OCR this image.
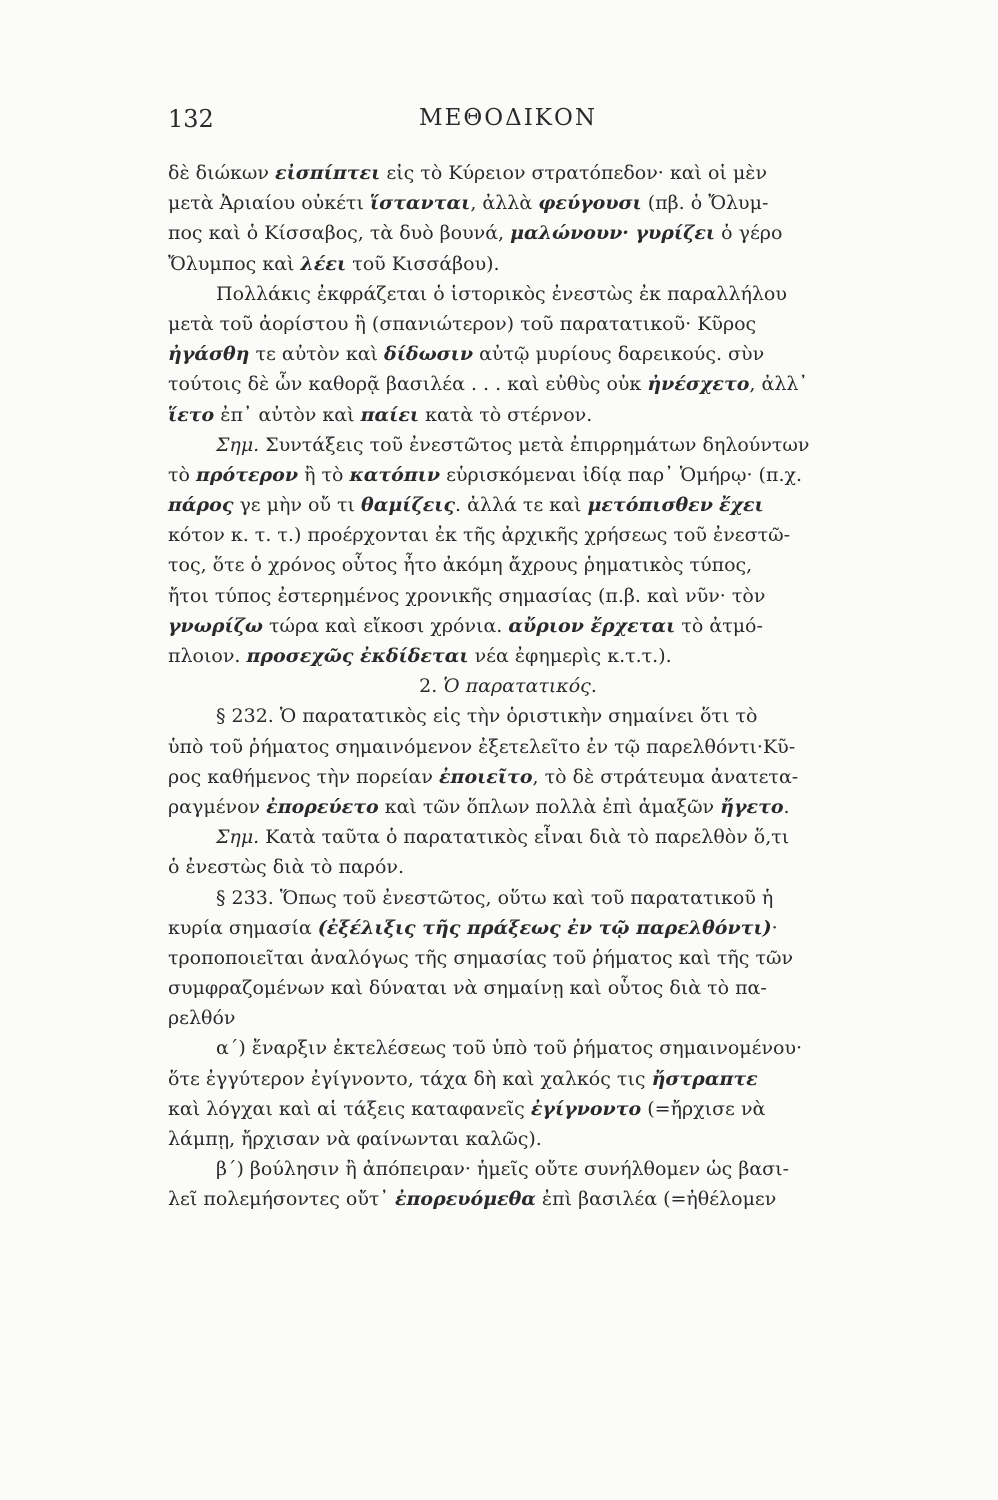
132	ΜΕΘΟΔΙΚΟΝ
δὲ διώκων εἰσπίπτει εἰς τὸ Κύρειον στρατόπεδον· καὶ οἱ μὲν
μετὰ Ἀριαίου οὐκέτι ἵστανται, ἀλλὰ φεύγουσι (πβ. ὁ Ὄλυμ-
πος καὶ ὁ Κίσσαβος, τὰ δυὸ βουνά, μαλώνουν· γυρίζει ὁ γέρο
Ὄλυμπος καὶ λέει τοῦ Κισσάβου).
Πολλάκις ἐκφράζεται ὁ ἱστορικὸς ἐνεστὼς ἐκ παραλλήλου
μετὰ τοῦ ἀορίστου ἢ (σπανιώτερον) τοῦ παρατατικοῦ· Κῦρος
ἠγάσθη τε αὐτὸν καὶ δίδωσιν αὐτῷ μυρίους δαρεικούς. σὺν
τούτοις δὲ ὧν καθορᾷ βασιλέα . . . καὶ εὐθὺς οὐκ ἠνέσχετο, ἀλλ᾽
ἵετο ἐπ᾽ αὐτὸν καὶ παίει κατὰ τὸ στέρνον.
Σημ. Συντάξεις τοῦ ἐνεστῶτος μετὰ ἐπιρρημάτων δηλούντων
τὸ πρότερον ἢ τὸ κατόπιν εὑρισκόμεναι ἰδίᾳ παρ᾽ Ὁμήρῳ· (π.χ.
πάρος γε μὴν οὔ τι θαμίζεις. ἀλλά τε καὶ μετόπισθεν ἔχει
κότον κ. τ. τ.) προέρχονται ἐκ τῆς ἀρχικῆς χρήσεως τοῦ ἐνεστῶ-
τος, ὅτε ὁ χρόνος οὗτος ἦτο ἀκόμη ἄχρους ῥηματικὸς τύπος,
ἤτοι τύπος ἐστερημένος χρονικῆς σημασίας (π.β. καὶ νῦν· τὸν
γνωρίζω τώρα καὶ εἴκοσι χρόνια. αὔριον ἔρχεται τὸ ἀτμό-
πλοιον. προσεχῶς ἐκδίδεται νέα ἐφημερὶς κ.τ.τ.).
2. Ὁ παρατατικός.
§ 232. Ὁ παρατατικὸς εἰς τὴν ὁριστικὴν σημαίνει ὅτι τὸ
ὑπὸ τοῦ ῥήματος σημαινόμενον ἐξετελεῖτο ἐν τῷ παρελθόντι·Κῦ-
ρος καθήμενος τὴν πορείαν ἐποιεῖτο, τὸ δὲ στράτευμα ἀνατετα-
ραγμένον ἐπορεύετο καὶ τῶν ὅπλων πολλὰ ἐπὶ ἁμαξῶν ἤγετο.
Σημ. Κατὰ ταῦτα ὁ παρατατικὸς εἶναι διὰ τὸ παρελθὸν ὅ,τι
ὁ ἐνεστὼς διὰ τὸ παρόν.
§ 233. Ὅπως τοῦ ἐνεστῶτος, οὕτω καὶ τοῦ παρατατικοῦ ἡ
κυρία σημασία (ἐξέλιξις τῆς πράξεως ἐν τῷ παρελθόντι)·
τροποποιεῖται ἀναλόγως τῆς σημασίας τοῦ ῥήματος καὶ τῆς τῶν
συμφραζομένων καὶ δύναται νὰ σημαίνῃ καὶ οὗτος διὰ τὸ πα-
ρελθόν
α´) ἔναρξιν ἐκτελέσεως τοῦ ὑπὸ τοῦ ῥήματος σημαινομένου·
ὅτε ἐγγύτερον ἐγίγνοντο, τάχα δὴ καὶ χαλκός τις ἤστραπτε
καὶ λόγχαι καὶ αἱ τάξεις καταφανεῖς ἐγίγνοντο (=ἤρχισε νὰ
λάμπῃ, ἤρχισαν νὰ φαίνωνται καλῶς).
β´) βούλησιν ἢ ἀπόπειραν· ἡμεῖς οὔτε συνήλθομεν ὡς βασι-
λεῖ πολεμήσοντες οὔτ᾽ ἐπορευόμεθα ἐπὶ βασιλέα (=ἠθέλομεν
